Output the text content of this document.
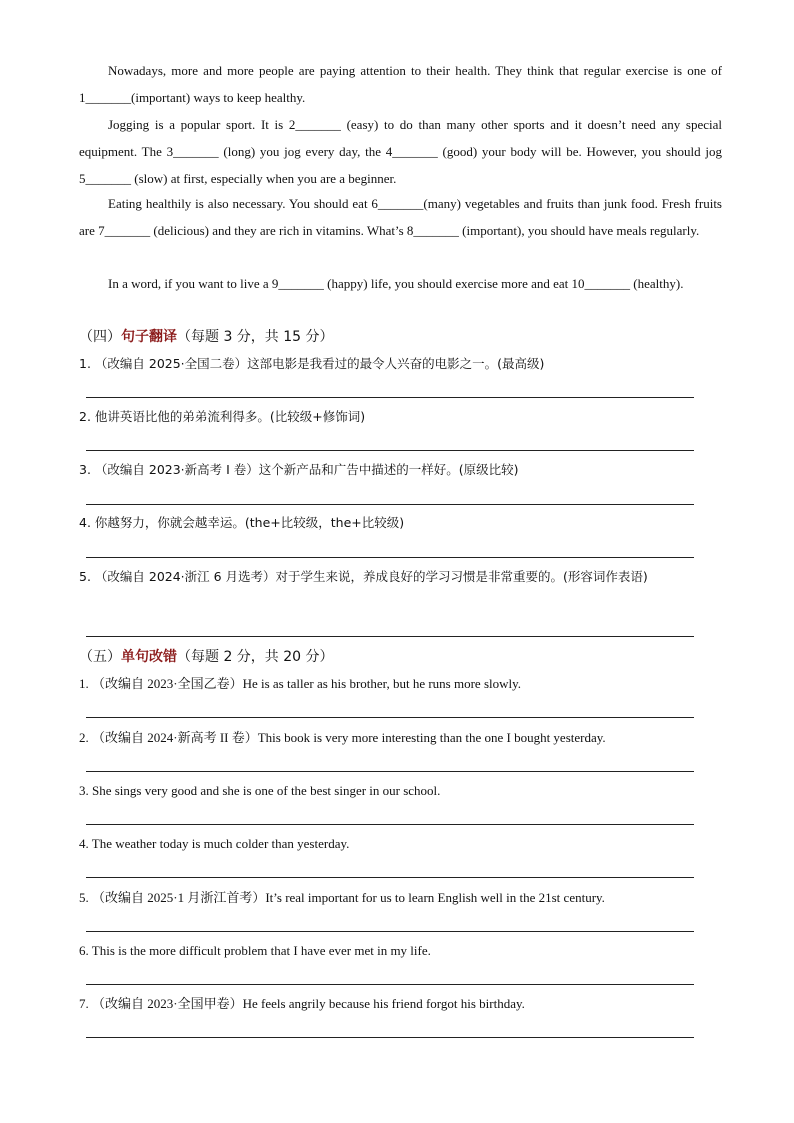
Nowadays, more and more people are paying attention to their health. They think that regular exercise is one of 1_______(important) ways to keep healthy.

Jogging is a popular sport. It is 2_______ (easy) to do than many other sports and it doesn’t need any special equipment. The 3_______ (long) you jog every day, the 4_______ (good) your body will be. However, you should jog 5_______ (slow) at first, especially when you are a beginner.

Eating healthily is also necessary. You should eat 6_______(many) vegetables and fruits than junk food. Fresh fruits are 7_______ (delicious) and they are rich in vitamins. What’s 8_______ (important), you should have meals regularly.

In a word, if you want to live a 9_______ (happy) life, you should exercise more and eat 10_______ (healthy).

（四）句子翻译（每题 3 分，共 15 分）

1. （改编自 2025·全国二卷）这部电影是我看过的最令人兴奋的电影之一。(最高级)

2. 他讲英语比他的弟弟流利得多。(比较级+修饰词)

3. （改编自 2023·新高考 I 卷）这个新产品和广告中描述的一样好。(原级比较)

4. 你越努力，你就会越幸运。(the+比较级，the+比较级)

5. （改编自 2024·浙江 6 月选考）对于学生来说，养成良好的学习习惯是非常重要的。(形容词作表语)

（五）单句改错（每题 2 分，共 20 分）

1. （改编自 2023·全国乙卷）He is as taller as his brother, but he runs more slowly.

2. （改编自 2024·新高考 II 卷）This book is very more interesting than the one I bought yesterday.

3. She sings very good and she is one of the best singer in our school.

4. The weather today is much colder than yesterday.

5. （改编自 2025·1 月浙江首考）It’s real important for us to learn English well in the 21st century.

6. This is the more difficult problem that I have ever met in my life.

7. （改编自 2023·全国甲卷）He feels angrily because his friend forgot his birthday.
